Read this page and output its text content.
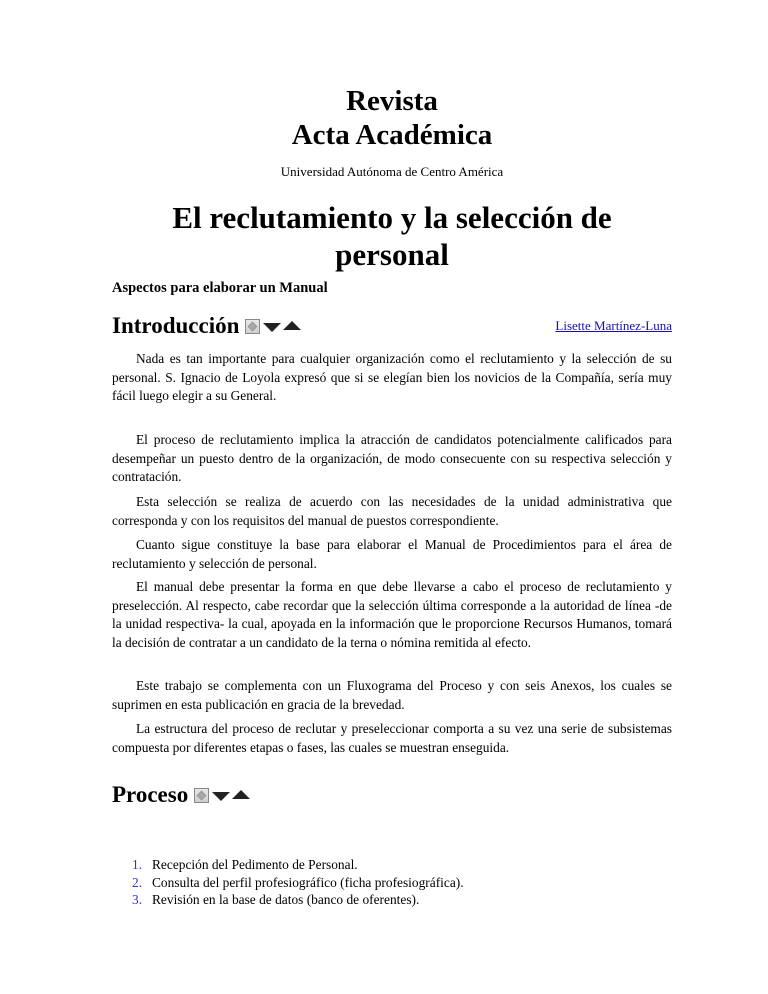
Revista
Acta Académica
Universidad Autónoma de Centro América
El reclutamiento y la selección de personal
Aspectos para elaborar un Manual
Introducción	Lisette Martínez-Luna

Nada es tan importante para cualquier organización como el reclutamiento y la selección de su personal. S. Ignacio de Loyola expresó que si se elegían bien los novicios de la Compañía, sería muy fácil luego elegir a su General.

El proceso de reclutamiento implica la atracción de candidatos potencialmente calificados para desempeñar un puesto dentro de la organización, de modo consecuente con su respectiva selección y contratación.

Esta selección se realiza de acuerdo con las necesidades de la unidad administrativa que corresponda y con los requisitos del manual de puestos correspondiente.

Cuanto sigue constituye la base para elaborar el Manual de Procedimientos para el área de reclutamiento y selección de personal.

El manual debe presentar la forma en que debe llevarse a cabo el proceso de reclutamiento y preselección. Al respecto, cabe recordar que la selección última corresponde a la autoridad de línea -de la unidad respectiva- la cual, apoyada en la información que le proporcione Recursos Humanos, tomará la decisión de contratar a un candidato de la terna o nómina remitida al efecto.

Este trabajo se complementa con un Fluxograma del Proceso y con seis Anexos, los cuales se suprimen en esta publicación en gracia de la brevedad.

La estructura del proceso de reclutar y preseleccionar comporta a su vez una serie de subsistemas compuesta por diferentes etapas o fases, las cuales se muestran enseguida.

Proceso
1. Recepción del Pedimento de Personal.
2. Consulta del perfil profesiográfico (ficha profesiográfica).
3. Revisión en la base de datos (banco de oferentes).
